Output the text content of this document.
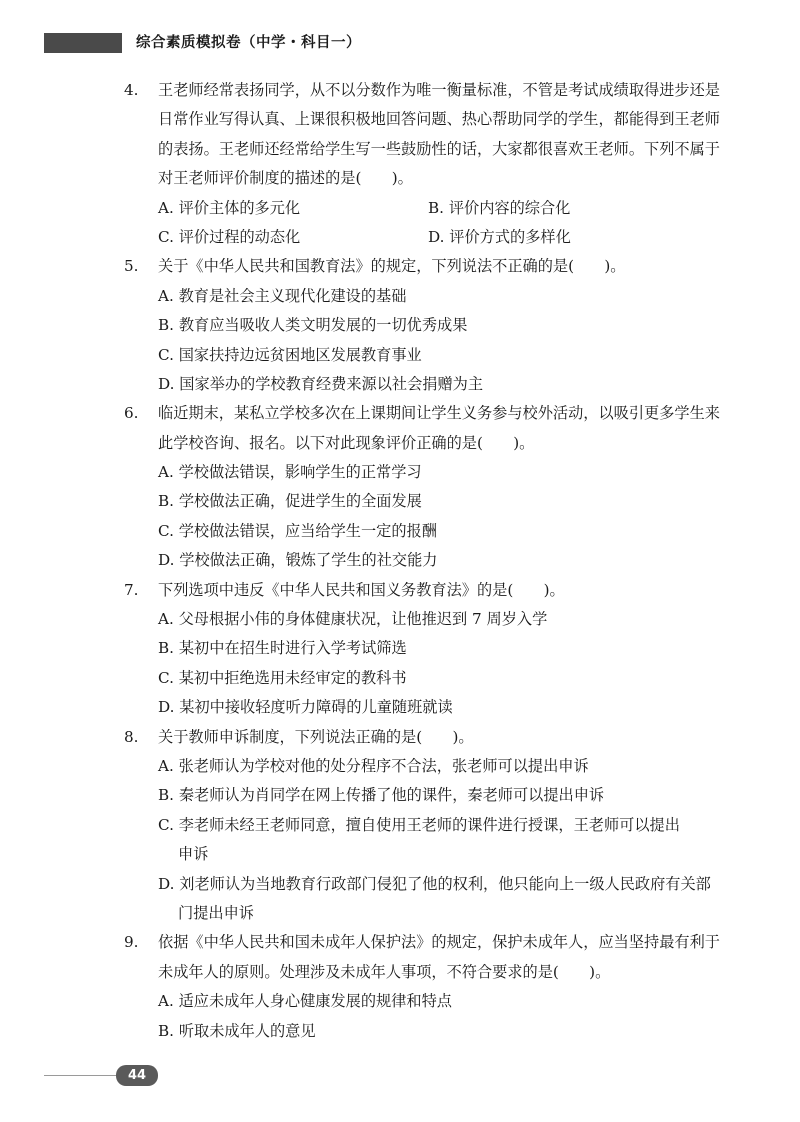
综合素质模拟卷（中学・科目一）
4. 王老师经常表扬同学，从不以分数作为唯一衡量标准，不管是考试成绩取得进步还是
日常作业写得认真、上课很积极地回答问题、热心帮助同学的学生，都能得到王老师
的表扬。王老师还经常给学生写一些鼓励性的话，大家都很喜欢王老师。下列不属于
对王老师评价制度的描述的是(　　)。
A. 评价主体的多元化	B. 评价内容的综合化
C. 评价过程的动态化	D. 评价方式的多样化
5. 关于《中华人民共和国教育法》的规定，下列说法不正确的是(　　)。
A. 教育是社会主义现代化建设的基础
B. 教育应当吸收人类文明发展的一切优秀成果
C. 国家扶持边远贫困地区发展教育事业
D. 国家举办的学校教育经费来源以社会捐赠为主
6. 临近期末，某私立学校多次在上课期间让学生义务参与校外活动，以吸引更多学生来
此学校咨询、报名。以下对此现象评价正确的是(　　)。
A. 学校做法错误，影响学生的正常学习
B. 学校做法正确，促进学生的全面发展
C. 学校做法错误，应当给学生一定的报酬
D. 学校做法正确，锻炼了学生的社交能力
7. 下列选项中违反《中华人民共和国义务教育法》的是(　　)。
A. 父母根据小伟的身体健康状况，让他推迟到 7 周岁入学
B. 某初中在招生时进行入学考试筛选
C. 某初中拒绝选用未经审定的教科书
D. 某初中接收轻度听力障碍的儿童随班就读
8. 关于教师申诉制度，下列说法正确的是(　　)。
A. 张老师认为学校对他的处分程序不合法，张老师可以提出申诉
B. 秦老师认为肖同学在网上传播了他的课件，秦老师可以提出申诉
C. 李老师未经王老师同意，擅自使用王老师的课件进行授课，王老师可以提出
申诉
D. 刘老师认为当地教育行政部门侵犯了他的权利，他只能向上一级人民政府有关部
门提出申诉
9. 依据《中华人民共和国未成年人保护法》的规定，保护未成年人，应当坚持最有利于
未成年人的原则。处理涉及未成年人事项，不符合要求的是(　　)。
A. 适应未成年人身心健康发展的规律和特点
B. 听取未成年人的意见
44
